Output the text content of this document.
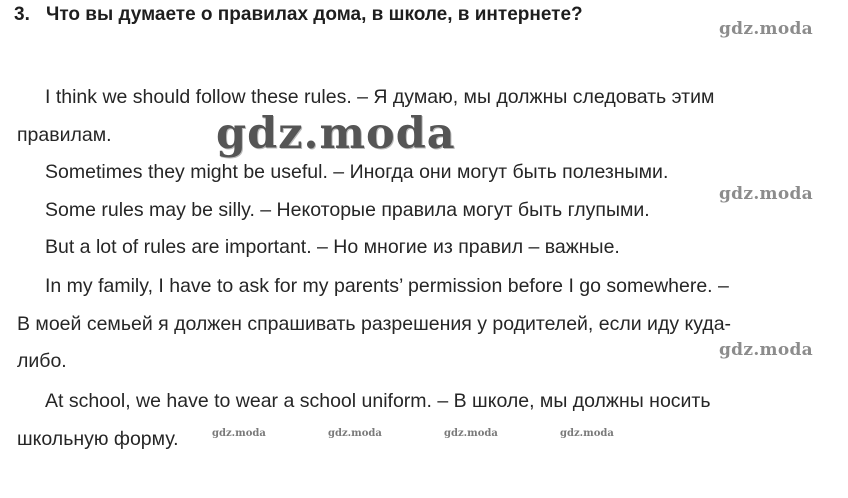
3. Что вы думаете о правилах дома, в школе, в интернете?
I think we should follow these rules. – Я думаю, мы должны следовать этим
правилам.
Sometimes they might be useful. – Иногда они могут быть полезными.
Some rules may be silly. – Некоторые правила могут быть глупыми.
But a lot of rules are important. – Но многие из правил – важные.
In my family, I have to ask for my parents’ permission before I go somewhere. –
В моей семьей я должен спрашивать разрешения у родителей, если иду куда-
либо.
At school, we have to wear a school uniform. – В школе, мы должны носить
школьную форму.
gdz.moda
gdz.moda
gdz.moda
gdz.moda
gdz.moda	gdz.moda	gdz.moda	gdz.moda
